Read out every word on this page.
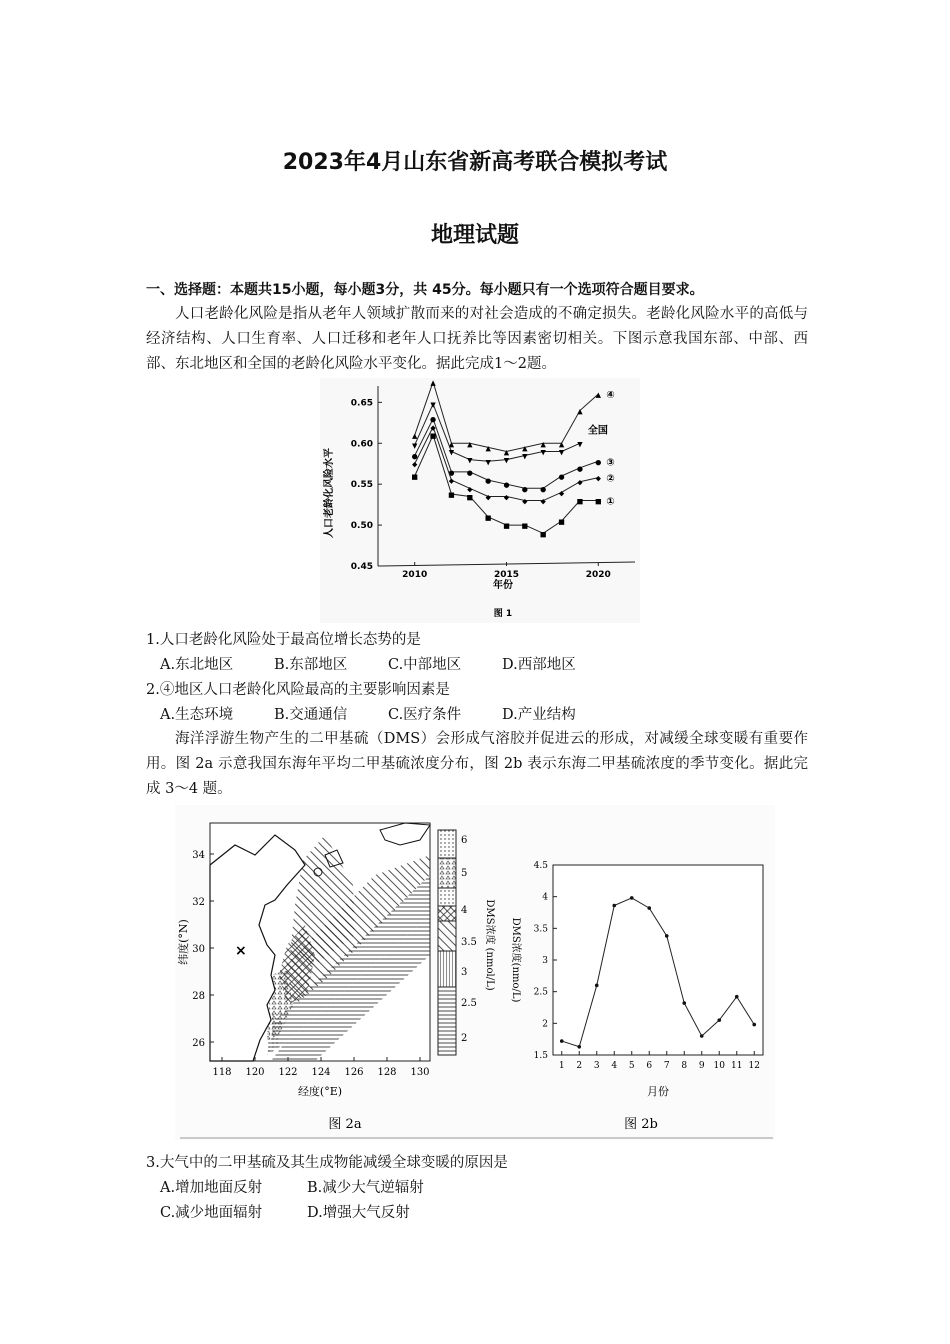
2023年4月山东省新高考联合模拟考试
地理试题
一、选择题：本题共15小题，每小题3分，共 45分。每小题只有一个选项符合题目要求。
人口老龄化风险是指从老年人领域扩散而来的对社会造成的不确定损失。老龄化风险水平的高低与经济结构、人口生育率、人口迁移和老年人口抚养比等因素密切相关。下图示意我国东部、中部、西部、东北地区和全国的老龄化风险水平变化。据此完成1～2题。
0.45
0.50
0.55
0.60
0.65
2010	2015	2020
▲
▲
▲ ▲
▲
▲
▲
▲ ▲
▲
▲ ④
▼
▼
▼
▼ ▼ ▼
▼
▼ ▼
▼
全国
●
●
● ●
●
●
● ●
●
●
● ③
◆
◆
◆
◆
◆ ◆
◆ ◆
◆
◆
◆ ②
■
■
■ ■
■
■ ■
■
■
■ ■ ①
人口老龄化风险水平
年份
图 1
1.人口老龄化风险处于最高位增长态势的是
A.东北地区	B.东部地区	C.中部地区	D.西部地区
2.④地区人口老龄化风险最高的主要影响因素是
A.生态环境	B.交通通信	C.医疗条件	D.产业结构
海洋浮游生物产生的二甲基硫（DMS）会形成气溶胶并促进云的形成，对减缓全球变暖有重要作用。图 2a 示意我国东海年平均二甲基硫浓度分布，图 2b 表示东海二甲基硫浓度的季节变化。据此完成 3～4 题。
×
经度(°E)
纬度(°N)
118 120 122 124 126 128 130
26
28
30
32
34
图 2a
2
2.5
3
3.5
4
5
6
DMS浓度 (nmol/L)
1.5
2
2.5
3
3.5
4
4.5
1 2 3 4 5 6 7 8 9 10 11 12
DMS浓度(nmo/L)
月份
图 2b
3.大气中的二甲基硫及其生成物能减缓全球变暖的原因是
A.增加地面反射	B.减少大气逆辐射
C.减少地面辐射	D.增强大气反射
